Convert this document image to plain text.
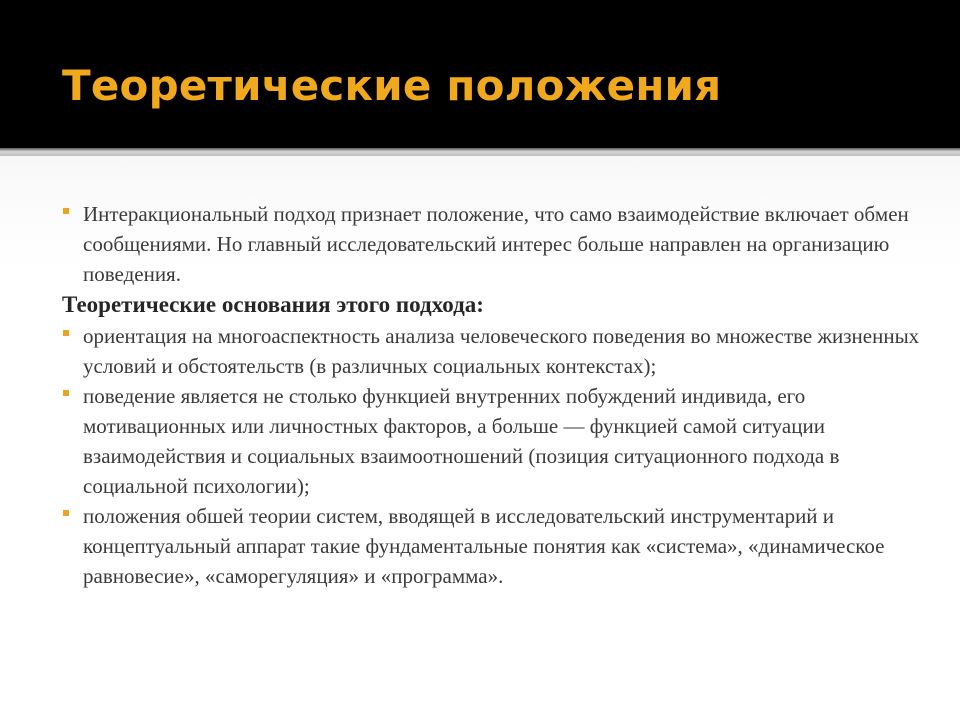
Теоретические положения
Интеракциональный подход признает положение, что само взаимодействие включает обмен сообщениями. Но главный исследовательский интерес больше направлен на организацию поведения.

Теоретические основания этого подхода:

ориентация на многоаспектность анализа человеческого поведения во множестве жизненных условий и обстоятельств (в различных социальных контекстах);
поведение является не столько функцией внутренних побуждений индивида, его мотивационных или личностных факторов, а больше — функцией самой ситуации взаимодействия и социальных взаимоотношений (позиция ситуационного подхода в социальной психологии);
положения обшей теории систем, вводящей в исследовательский инструментарий и концептуальный аппарат такие фундаментальные понятия как «система», «динамическое равновесие», «саморегуляция» и «программа».
